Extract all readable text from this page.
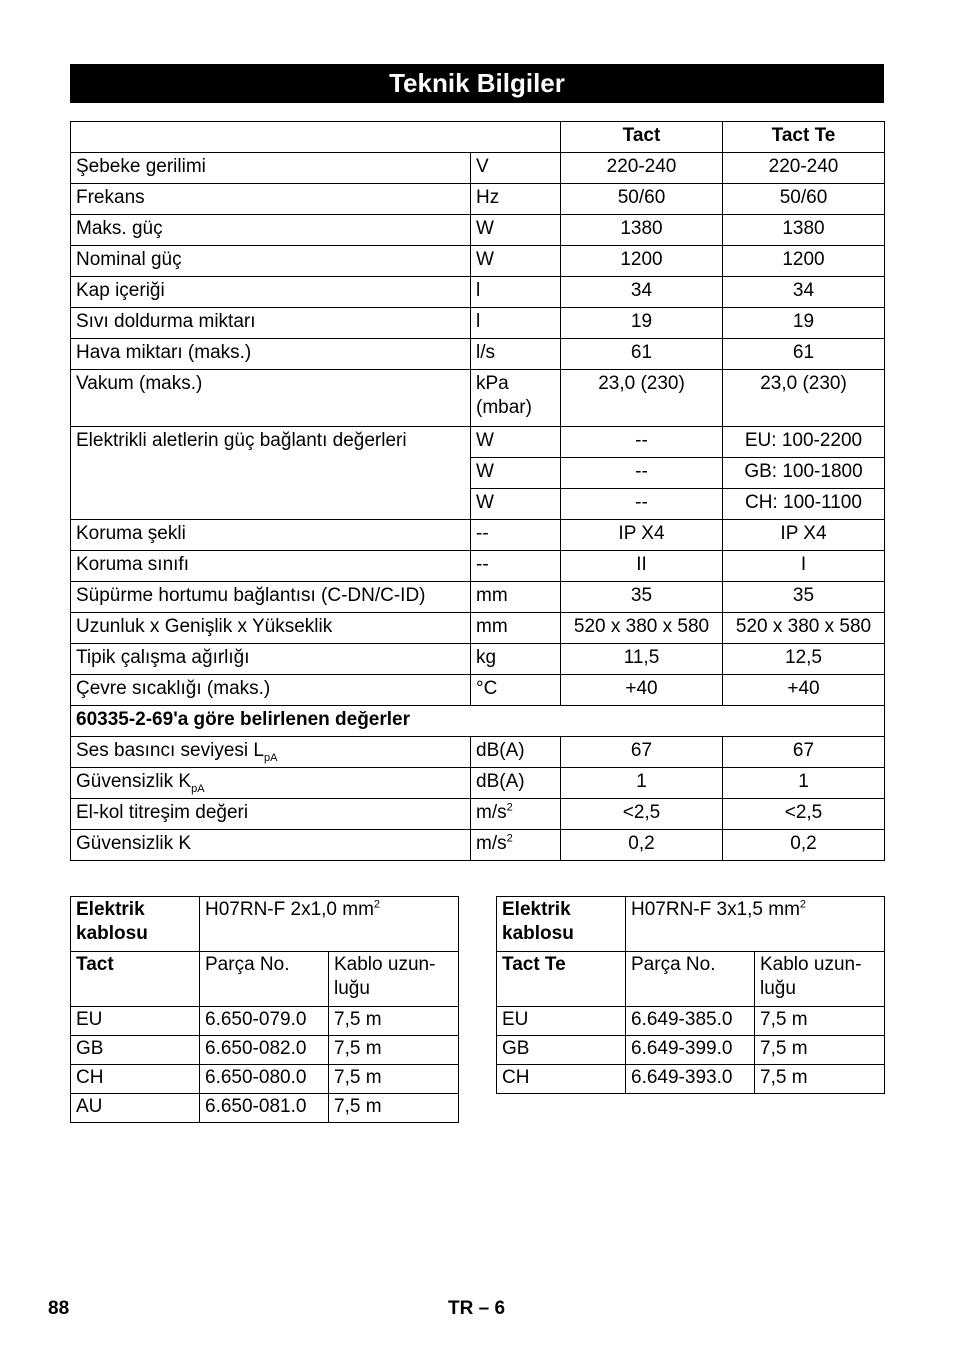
Teknik Bilgiler
		Tact	Tact Te
Şebeke gerilimi	V	220-240	220-240
Frekans	Hz	50/60	50/60
Maks. güç	W	1380	1380
Nominal güç	W	1200	1200
Kap içeriği	l	34	34
Sıvı doldurma miktarı	l	19	19
Hava miktarı (maks.)	l/s	61	61
Vakum (maks.)	kPa (mbar)	23,0 (230)	23,0 (230)
Elektrikli aletlerin güç bağlantı değerleri	W	--	EU: 100-2200
	W	--	GB: 100-1800
	W	--	CH: 100-1100
Koruma şekli	--	IP X4	IP X4
Koruma sınıfı	--	II	I
Süpürme hortumu bağlantısı (C-DN/C-ID)	mm	35	35
Uzunluk x Genişlik x Yükseklik	mm	520 x 380 x 580	520 x 380 x 580
Tipik çalışma ağırlığı	kg	11,5	12,5
Çevre sıcaklığı (maks.)	°C	+40	+40
60335-2-69'a göre belirlenen değerler			
Ses basıncı seviyesi $L_{pA}$	dB(A)	67	67
Güvensizlik $K_{pA}$	dB(A)	1	1
El-kol titreşim değeri	$m/s^2$	<2,5	<2,5
Güvensizlik K	$m/s^2$	0,2	0,2
Elektrik kablosu	H07RN-F 2x1,0 $mm^2$
Tact	Parça No.	Kablo uzun-luğu
EU	6.650-079.0	7,5 m
GB	6.650-082.0	7,5 m
CH	6.650-080.0	7,5 m
AU	6.650-081.0	7,5 m
Elektrik kablosu	H07RN-F 3x1,5 $mm^2$
Tact Te	Parça No.	Kablo uzun-luğu
EU	6.649-385.0	7,5 m
GB	6.649-399.0	7,5 m
CH	6.649-393.0	7,5 m
88	TR – 6
